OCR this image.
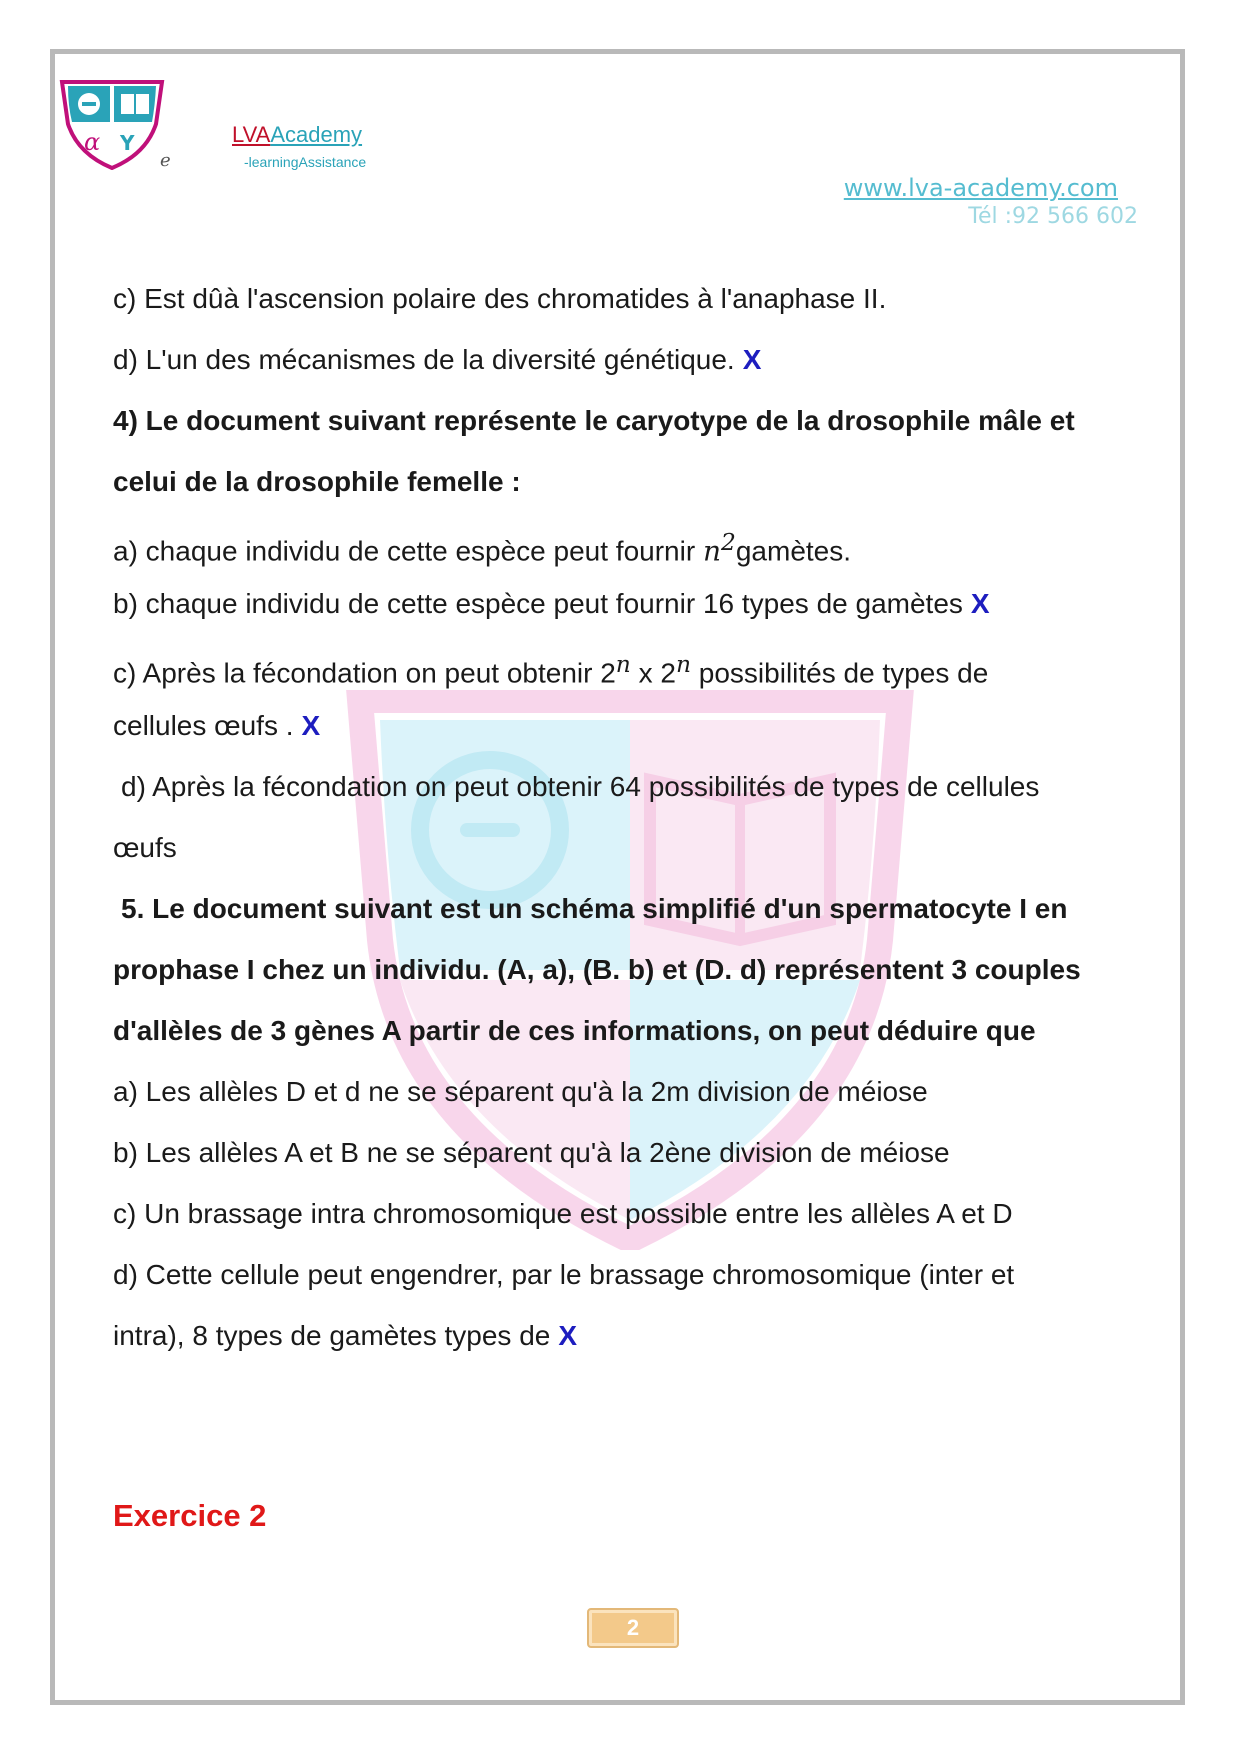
α Y
e
LVAAcademy
-learningAssistance
www.lva-academy.com
Tél :92 566 602
c) Est dûà l'ascension polaire des chromatides à l'anaphase II.
d) L'un des mécanismes de la diversité génétique. X
4) Le document suivant représente le caryotype de la drosophile mâle et
celui de la drosophile femelle :
a) chaque individu de cette espèce peut fournir $n^2gamètes$.
b) chaque individu de cette espèce peut fournir 16 types de gamètes X
c) Après la fécondation on peut obtenir 2$^n$ x 2$^n$ possibilités de types de
cellules œufs . X
d) Après la fécondation on peut obtenir 64 possibilités de types de cellules
œufs
5. Le document suivant est un schéma simplifié d'un spermatocyte I en
prophase I chez un individu. (A, a), (B. b) et (D. d) représentent 3 couples
d'allèles de 3 gènes A partir de ces informations, on peut déduire que
a) Les allèles D et d ne se séparent qu'à la 2m division de méiose
b) Les allèles A et B ne se séparent qu'à la 2ène division de méiose
c) Un brassage intra chromosomique est possible entre les allèles A et D
d) Cette cellule peut engendrer, par le brassage chromosomique (inter et
intra), 8 types de gamètes types de X
Exercice 2
2
